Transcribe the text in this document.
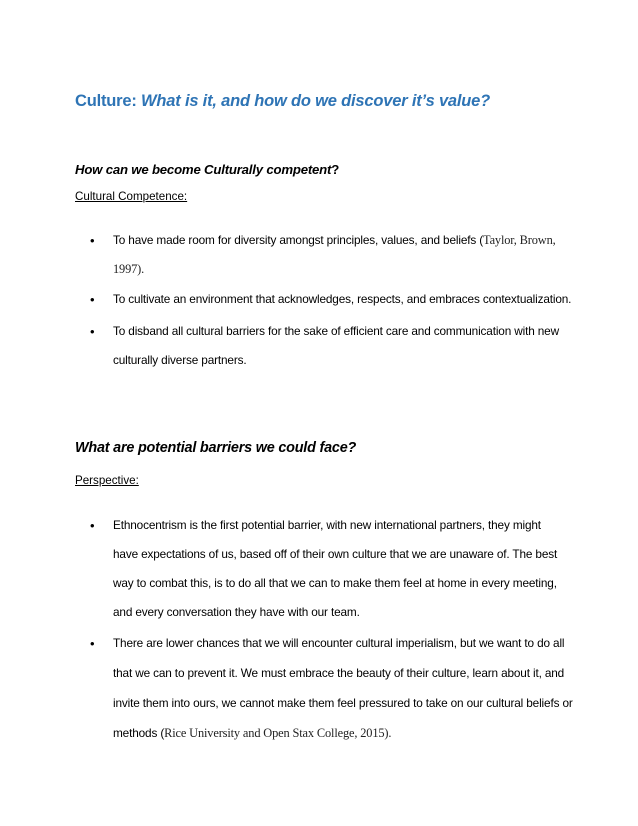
Culture: What is it, and how do we discover it’s value?
How can we become Culturally competent?
Cultural Competence:
• To have made room for diversity amongst principles, values, and beliefs (Taylor, Brown,
1997).
• To cultivate an environment that acknowledges, respects, and embraces contextualization.
• To disband all cultural barriers for the sake of efficient care and communication with new
culturally diverse partners.
What are potential barriers we could face?
Perspective:
• Ethnocentrism is the first potential barrier, with new international partners, they might
have expectations of us, based off of their own culture that we are unaware of. The best
way to combat this, is to do all that we can to make them feel at home in every meeting,
and every conversation they have with our team.
• There are lower chances that we will encounter cultural imperialism, but we want to do all
that we can to prevent it. We must embrace the beauty of their culture, learn about it, and
invite them into ours, we cannot make them feel pressured to take on our cultural beliefs or
methods (Rice University and Open Stax College, 2015).
